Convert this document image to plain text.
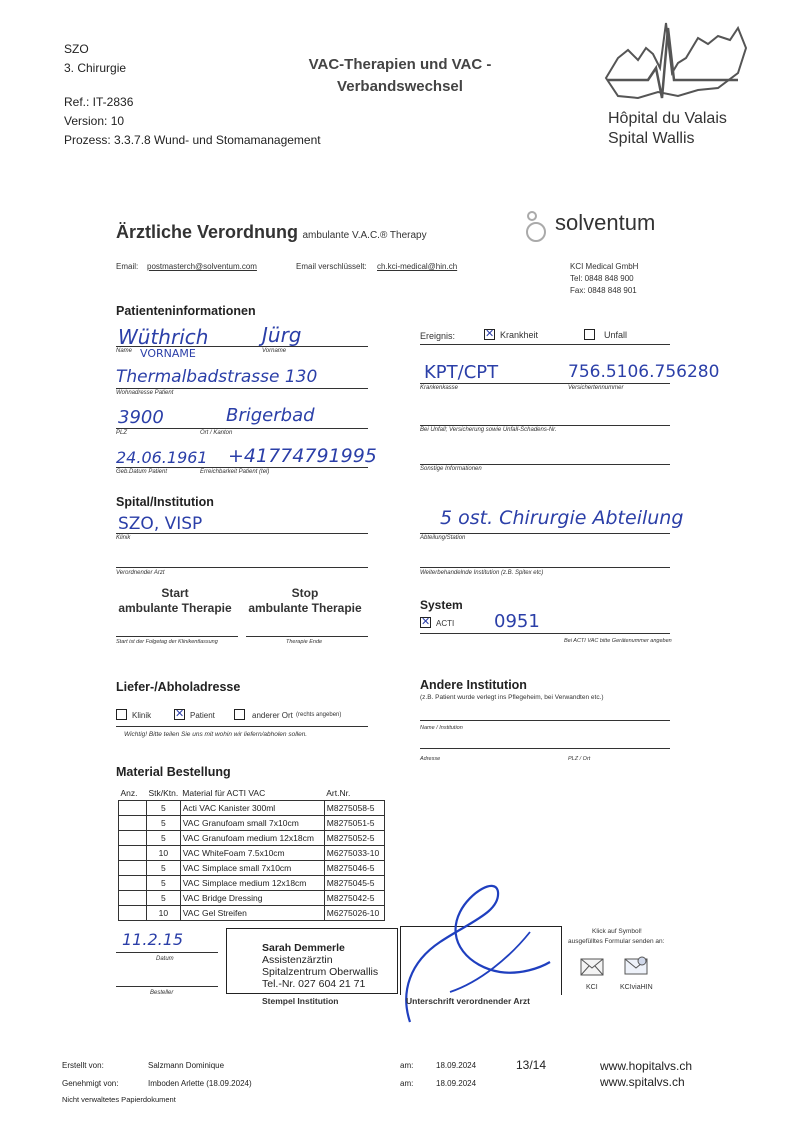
SZO
3. Chirurgie
Ref.: IT-2836
Version: 10
Prozess: 3.3.7.8 Wund- und Stomamanagement
VAC-Therapien und VAC -
Verbandswechsel
Hôpital du Valais
Spital Wallis
Ärztliche Verordnung ambulante V.A.C.® Therapy
solventum
Email: postmasterch@solventum.com	Email verschlüsselt: ch.kci-medical@hin.ch	KCI Medical GmbH
Tel: 0848 848 900
Fax: 0848 848 901
Patienteninformationen
Wüthrich	Jürg
Name VORNAME	Vorname
Thermalbadstrasse 130
Wohnadresse Patient
3900	Brigerbad
PLZ	Ort / Kanton
24.06.1961 +41774791995
Geb.Datum Patient	Erreichbarkeit Patient (tel)
Ereignis: ✕	Krankheit	Unfall
KPT/CPT	756.5106.756280
Krankenkasse	Versichertennummer
Bei Unfall; Versicherung sowie Unfall-Schadens-Nr.
Sonstige Informationen
Spital/Institution
SZO, VISP
Klinik
5 ost. Chirurgie Abteilung
Abteilung/Station
Verordnender Arzt	Weiterbehandelnde Institution (z.B. Spitex etc)
Start
ambulante Therapie
Stop
ambulante Therapie
Start ist der Folgetag der Klinikentlassung	Therapie Ende
System
✕
ACTI 0951
Bei ACTI VAC bitte Gerätenummer angeben
Liefer-/Abholadresse
Klinik ✕	Patient	anderer Ort (rechts angeben)
Wichtig! Bitte teilen Sie uns mit wohin wir liefern/abholen sollen.
Andere Institution
(z.B. Patient wurde verlegt ins Pflegeheim, bei Verwandten etc.)
Name / Institution
Adresse	PLZ / Ort
Material Bestellung
Anz.	Stk/Ktn.	Material für ACTI VAC	Art.Nr.
	5	Acti VAC Kanister 300ml	M8275058-5
	5	VAC Granufoam small 7x10cm	M8275051-5
	5	VAC Granufoam medium 12x18cm	M8275052-5
	10	VAC WhiteFoam 7.5x10cm	M6275033-10
	5	VAC Simplace small 7x10cm	M8275046-5
	5	VAC Simplace medium 12x18cm	M8275045-5
	5	VAC Bridge Dressing	M8275042-5
	10	VAC Gel Streifen	M6275026-10
11.2.15
Datum
Besteller
Sarah Demmerle
Assistenzärztin
Spitalzentrum Oberwallis
Tel.-Nr. 027 604 21 71
Stempel Institution	Unterschrift verordnender Arzt
Klick auf Symbol!
ausgefülltes Formular senden an:
KCI	KCIviaHIN
Erstellt von:	Salzmann Dominique
Genehmigt von:	Imboden Arlette (18.09.2024)
am:	18.09.2024
am:	18.09.2024
13/14	www.hopitalvs.ch
www.spitalvs.ch
Nicht verwaltetes Papierdokument
